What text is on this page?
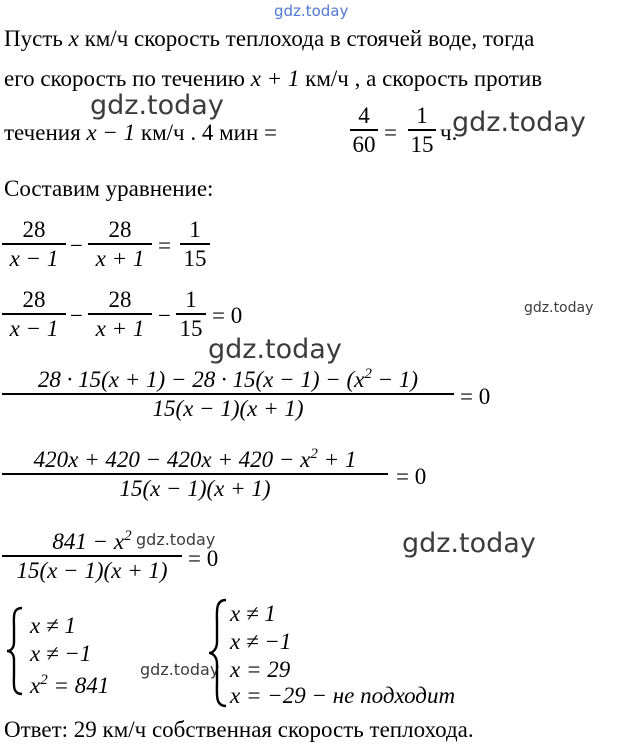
gdz.today
gdz.today
gdz.today
gdz.today
gdz.today
gdz.today
gdz.today
gdz.today
Пусть x км/ч скорость теплохода в стоячей воде, тогда
его скорость по течению x + 1 км/ч , а скорость против
течения x − 1 км/ч . 4 мин =
4
60 =
1
15 ч.
Составим уравнение:
28
x − 1 −
28
x + 1 =
1
15
28
x − 1 −
28
x + 1 −
1
15 = 0
$28 \cdot 15(x + 1) - 28 \cdot 15(x - 1) - (x^2 - 1)$
15(x − 1)(x + 1)	= 0
$420x + 420 - 420x + 420 - x^2 + 1$
15(x − 1)(x + 1)	= 0
$841 - x^2$
15(x − 1)(x + 1) = 0
x ≠ 1
x ≠ −1
$x^2 = 841$
x ≠ 1
x ≠ −1
x = 29
x = −29 − не подходит
Ответ: 29 км/ч собственная скорость теплохода.
